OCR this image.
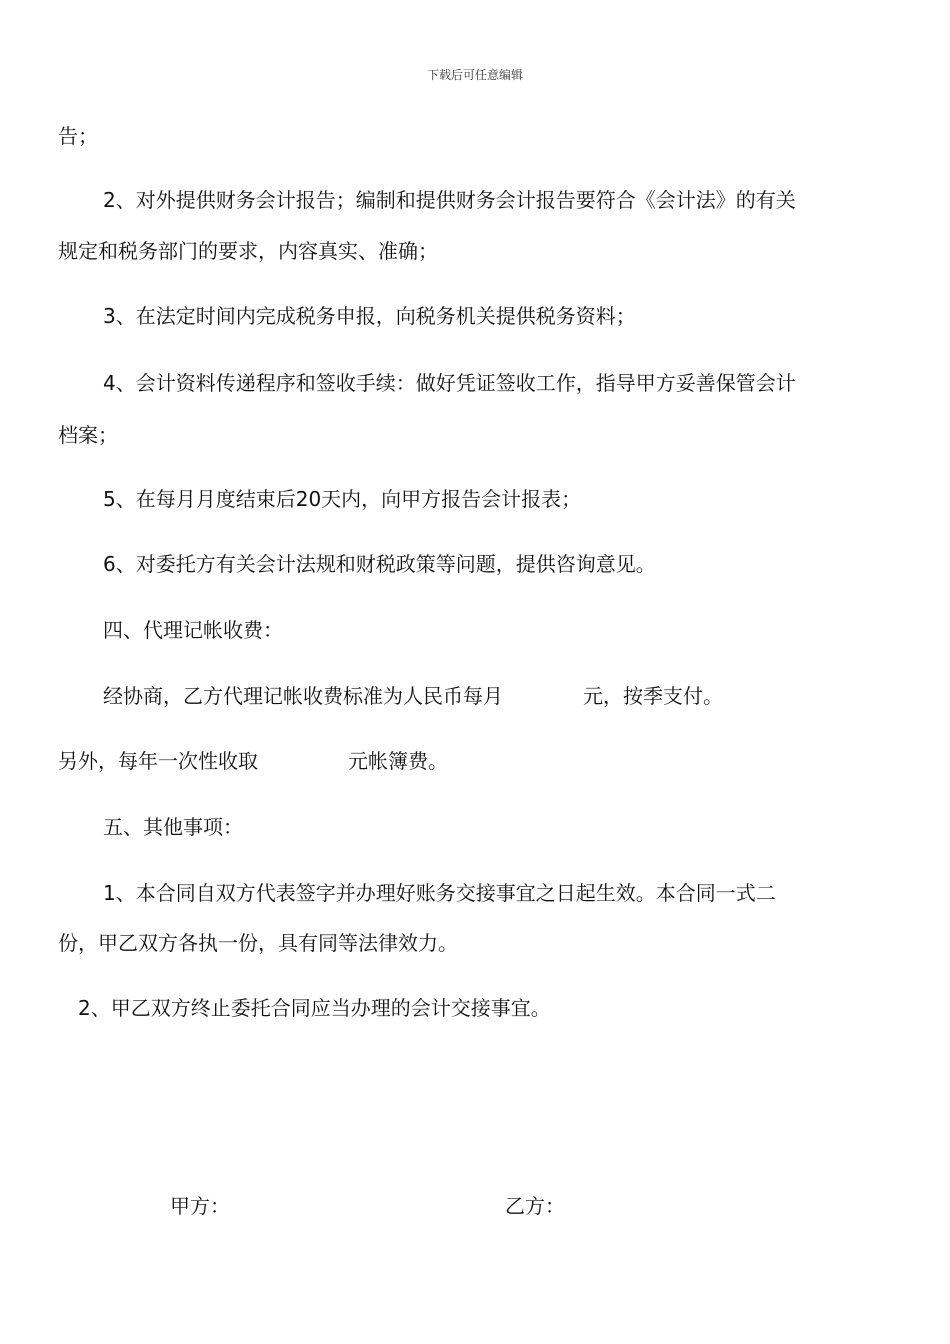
下载后可任意编辑
告；
2、对外提供财务会计报告；编制和提供财务会计报告要符合《会计法》的有关
规定和税务部门的要求，内容真实、准确；
3、在法定时间内完成税务申报，向税务机关提供税务资料；
4、会计资料传递程序和签收手续：做好凭证签收工作，指导甲方妥善保管会计
档案；
5、在每月月度结束后20天内，向甲方报告会计报表；
6、对委托方有关会计法规和财税政策等问题，提供咨询意见。
四、代理记帐收费：
经协商，乙方代理记帐收费标准为人民币每月	元，按季支付。
另外，每年一次性收取	元帐簿费。
五、其他事项：
1、本合同自双方代表签字并办理好账务交接事宜之日起生效。本合同一式二
份，甲乙双方各执一份，具有同等法律效力。
2、甲乙双方终止委托合同应当办理的会计交接事宜。
甲方：	乙方：
